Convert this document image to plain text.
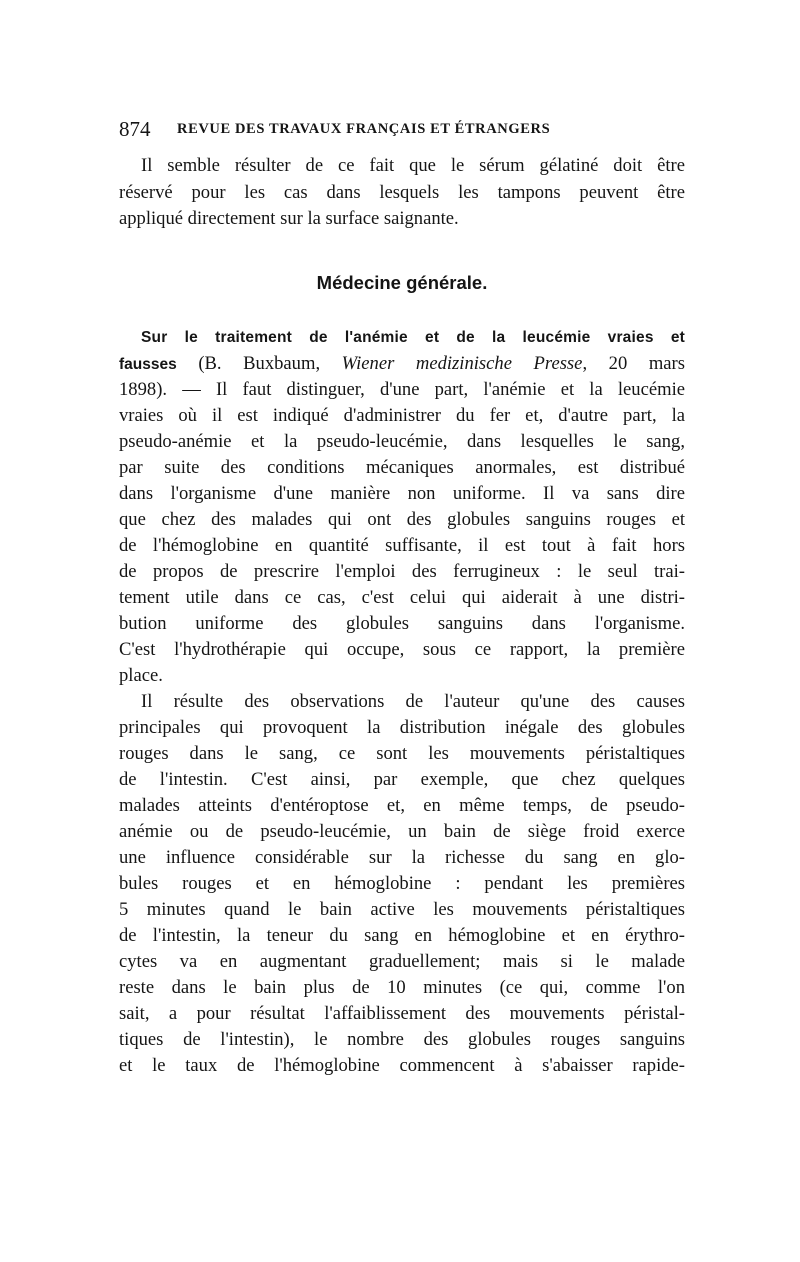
874 REVUE DES TRAVAUX FRANÇAIS ET ÉTRANGERS
Il semble résulter de ce fait que le sérum gélatiné doit être
réservé pour les cas dans lesquels les tampons peuvent être
appliqué directement sur la surface saignante.
Médecine générale.
Sur le traitement de l'anémie et de la leucémie vraies et
fausses (B. Buxbaum, Wiener medizinische Presse, 20 mars
1898). — Il faut distinguer, d'une part, l'anémie et la leucémie
vraies où il est indiqué d'administrer du fer et, d'autre part, la
pseudo-anémie et la pseudo-leucémie, dans lesquelles le sang,
par suite des conditions mécaniques anormales, est distribué
dans l'organisme d'une manière non uniforme. Il va sans dire
que chez des malades qui ont des globules sanguins rouges et
de l'hémoglobine en quantité suffisante, il est tout à fait hors
de propos de prescrire l'emploi des ferrugineux : le seul trai-
tement utile dans ce cas, c'est celui qui aiderait à une distri-
bution uniforme des globules sanguins dans l'organisme.
C'est l'hydrothérapie qui occupe, sous ce rapport, la première
place.
Il résulte des observations de l'auteur qu'une des causes
principales qui provoquent la distribution inégale des globules
rouges dans le sang, ce sont les mouvements péristaltiques
de l'intestin. C'est ainsi, par exemple, que chez quelques
malades atteints d'entéroptose et, en même temps, de pseudo-
anémie ou de pseudo-leucémie, un bain de siège froid exerce
une influence considérable sur la richesse du sang en glo-
bules rouges et en hémoglobine : pendant les premières
5 minutes quand le bain active les mouvements péristaltiques
de l'intestin, la teneur du sang en hémoglobine et en érythro-
cytes va en augmentant graduellement; mais si le malade
reste dans le bain plus de 10 minutes (ce qui, comme l'on
sait, a pour résultat l'affaiblissement des mouvements péristal-
tiques de l'intestin), le nombre des globules rouges sanguins
et le taux de l'hémoglobine commencent à s'abaisser rapide-
